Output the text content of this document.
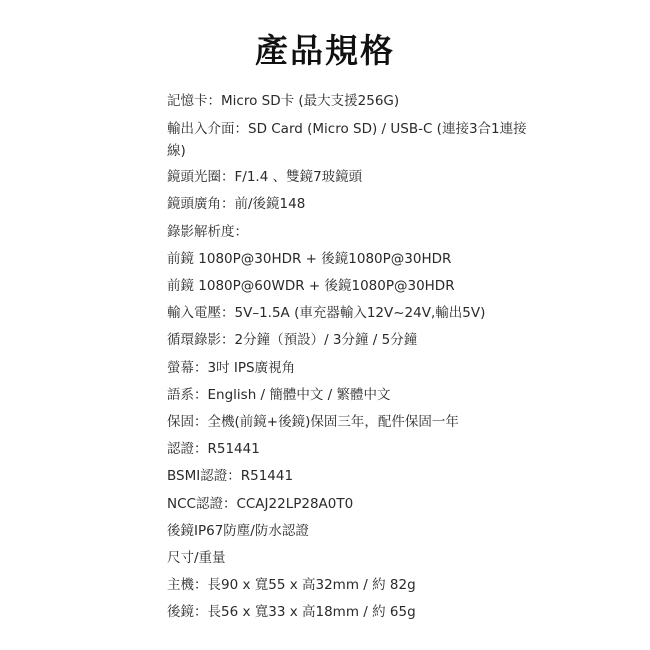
產品規格
記憶卡：Micro SD卡 (最大支援256G)
輸出入介面：SD Card (Micro SD) / USB-C (連接3合1連接線)
鏡頭光圈：F/1.4 、雙鏡7玻鏡頭
鏡頭廣角：前/後鏡148
錄影解析度：
前鏡 1080P@30HDR + 後鏡1080P@30HDR
前鏡 1080P@60WDR + 後鏡1080P@30HDR
輸入電壓：5V–1.5A (車充器輸入12V~24V,輸出5V)
循環錄影：2分鐘（預設）/ 3分鐘 / 5分鐘
螢幕：3吋 IPS廣視角
語系：English / 簡體中文 / 繁體中文
保固：全機(前鏡+後鏡)保固三年，配件保固一年
認證：R51441
BSMI認證：R51441
NCC認證：CCAJ22LP28A0T0
後鏡IP67防塵/防水認證
尺寸/重量
主機：長90 x 寬55 x 高32mm / 約 82g
後鏡：長56 x 寬33 x 高18mm / 約 65g
